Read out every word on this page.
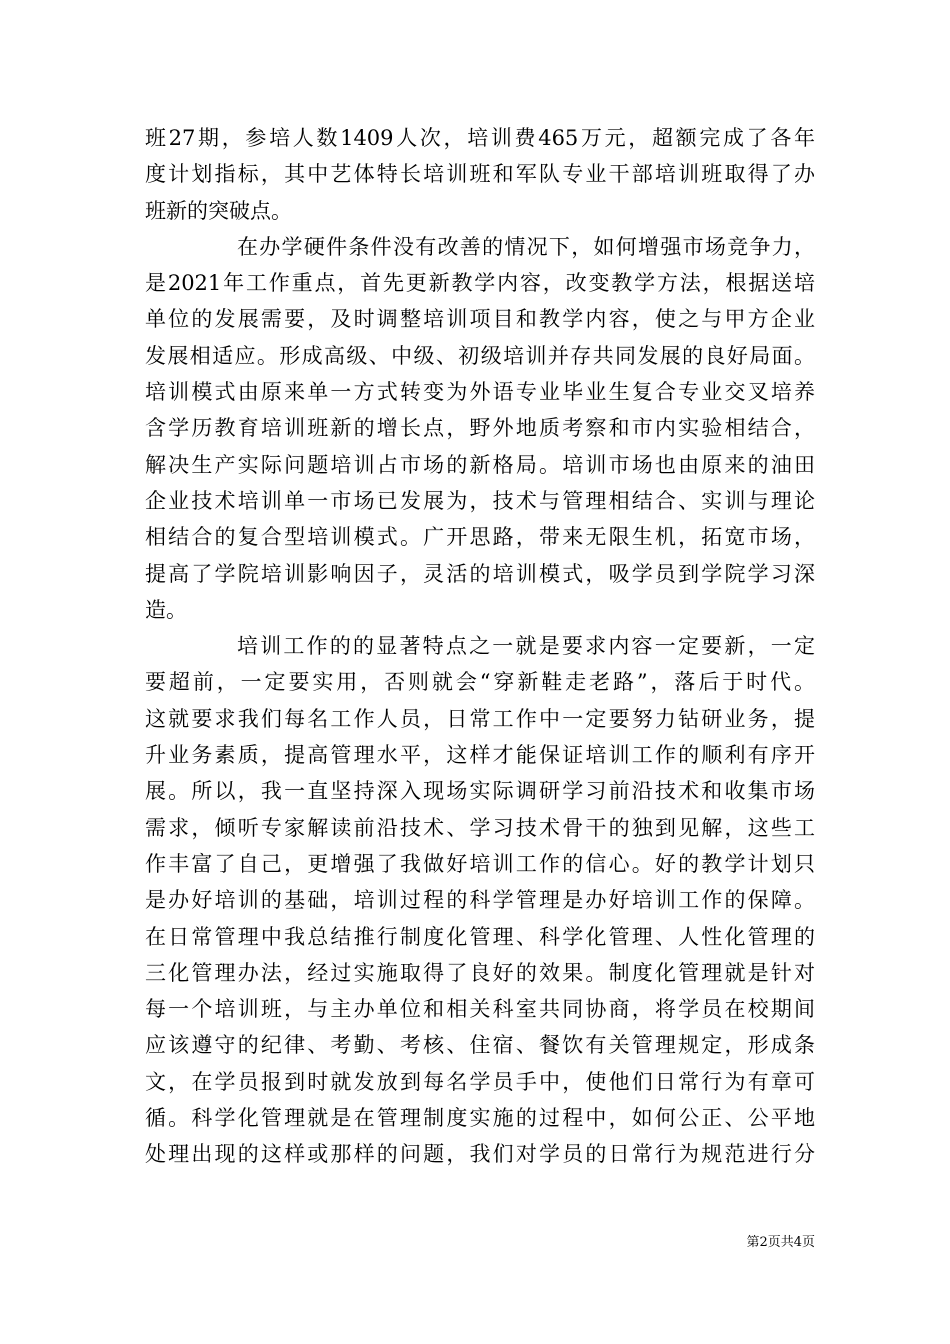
班27期，参培人数1409人次，培训费465万元，超额完成了各年
度计划指标，其中艺体特长培训班和军队专业干部培训班取得了办
班新的突破点。
在办学硬件条件没有改善的情况下，如何增强市场竞争力，
是2021年工作重点，首先更新教学内容，改变教学方法，根据送培
单位的发展需要，及时调整培训项目和教学内容，使之与甲方企业
发展相适应。形成高级、中级、初级培训并存共同发展的良好局面。
培训模式由原来单一方式转变为外语专业毕业生复合专业交叉培养
含学历教育培训班新的增长点，野外地质考察和市内实验相结合，
解决生产实际问题培训占市场的新格局。培训市场也由原来的油田
企业技术培训单一市场已发展为，技术与管理相结合、实训与理论
相结合的复合型培训模式。广开思路，带来无限生机，拓宽市场，
提高了学院培训影响因子，灵活的培训模式，吸学员到学院学习深
造。
培训工作的的显著特点之一就是要求内容一定要新，一定
要超前，一定要实用，否则就会“穿新鞋走老路”，落后于时代。
这就要求我们每名工作人员，日常工作中一定要努力钻研业务，提
升业务素质，提高管理水平，这样才能保证培训工作的顺利有序开
展。所以，我一直坚持深入现场实际调研学习前沿技术和收集市场
需求，倾听专家解读前沿技术、学习技术骨干的独到见解，这些工
作丰富了自己，更增强了我做好培训工作的信心。好的教学计划只
是办好培训的基础，培训过程的科学管理是办好培训工作的保障。
在日常管理中我总结推行制度化管理、科学化管理、人性化管理的
三化管理办法，经过实施取得了良好的效果。制度化管理就是针对
每一个培训班，与主办单位和相关科室共同协商，将学员在校期间
应该遵守的纪律、考勤、考核、住宿、餐饮有关管理规定，形成条
文，在学员报到时就发放到每名学员手中，使他们日常行为有章可
循。科学化管理就是在管理制度实施的过程中，如何公正、公平地
处理出现的这样或那样的问题，我们对学员的日常行为规范进行分
第2页共4页
